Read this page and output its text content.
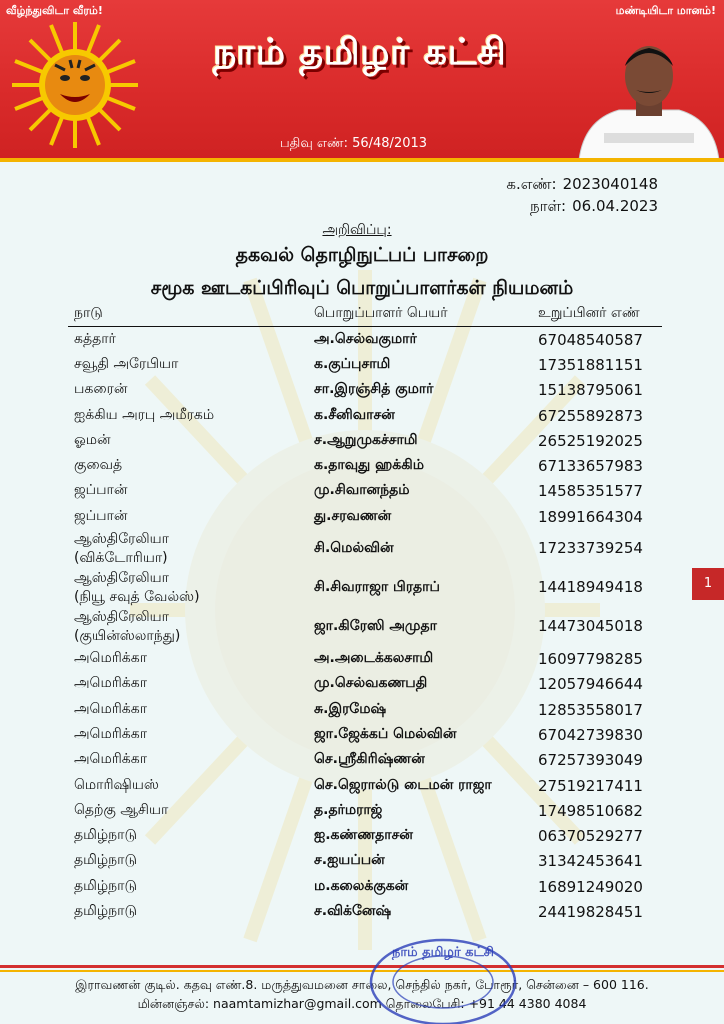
வீழ்ந்துவிடா வீரம்!	மண்டியிடா மானம்!
நாம் தமிழர் கட்சி
பதிவு எண்: 56/48/2013
க.எண்: 2023040148
நாள்: 06.04.2023
அறிவிப்பு:
தகவல் தொழிநுட்பப் பாசறை
சமூக ஊடகப்பிரிவுப் பொறுப்பாளர்கள் நியமனம்
நாடு	பொறுப்பாளர் பெயர்	உறுப்பினர் எண்

கத்தார்	அ.செல்வகுமார்	67048540587

சவூதி அரேபியா	க.குப்புசாமி	17351881151

பகரைன்	சா.இரஞ்சித் குமார்	15138795061

ஐக்கிய அரபு அமீரகம்	க.சீனிவாசன்	67255892873

ஓமன்	ச.ஆறுமுகச்சாமி	26525192025

குவைத்	க.தாவுது ஹக்கிம்	67133657983

ஜப்பான்	மு.சிவானந்தம்	14585351577

ஜப்பான்	து.சரவணன்	18991664304

ஆஸ்திரேலியா
(விக்டோரியா)	சி.மெல்வின்	17233739254

ஆஸ்திரேலியா
(நியூ சவுத் வேல்ஸ்)	சி.சிவராஜா பிரதாப்	14418949418

ஆஸ்திரேலியா
(குயின்ஸ்லாந்து)	ஜா.கிரேஸி அமுதா	14473045018

அமெரிக்கா	அ.அடைக்கலசாமி	16097798285

அமெரிக்கா	மு.செல்வகணபதி	12057946644

அமெரிக்கா	சு.இரமேஷ்	12853558017

அமெரிக்கா	ஜா.ஜேக்கப் மெல்வின்	67042739830

அமெரிக்கா	செ.ஸ்ரீகிரிஷ்ணன்	67257393049

மொரிஷியஸ்	செ.ஜெரால்டு டைமன் ராஜா	27519217411

தெற்கு ஆசியா	த.தர்மராஜ்	17498510682

தமிழ்நாடு	ஐ.கண்ணதாசன்	06370529277

தமிழ்நாடு	ச.ஐயப்பன்	31342453641

தமிழ்நாடு	ம.கலைக்குகன்	16891249020

தமிழ்நாடு	ச.விக்னேஷ்	24419828451
1
இராவணன் குடில். கதவு எண்.8. மருத்துவமனை சாலை, செந்தில் நகர், போரூர், சென்னை – 600 116.
மின்னஞ்சல்: naamtamizhar@gmail.com தொலைபேசி: +91 44 4380 4084
நாம் தமிழர் கட்சி
